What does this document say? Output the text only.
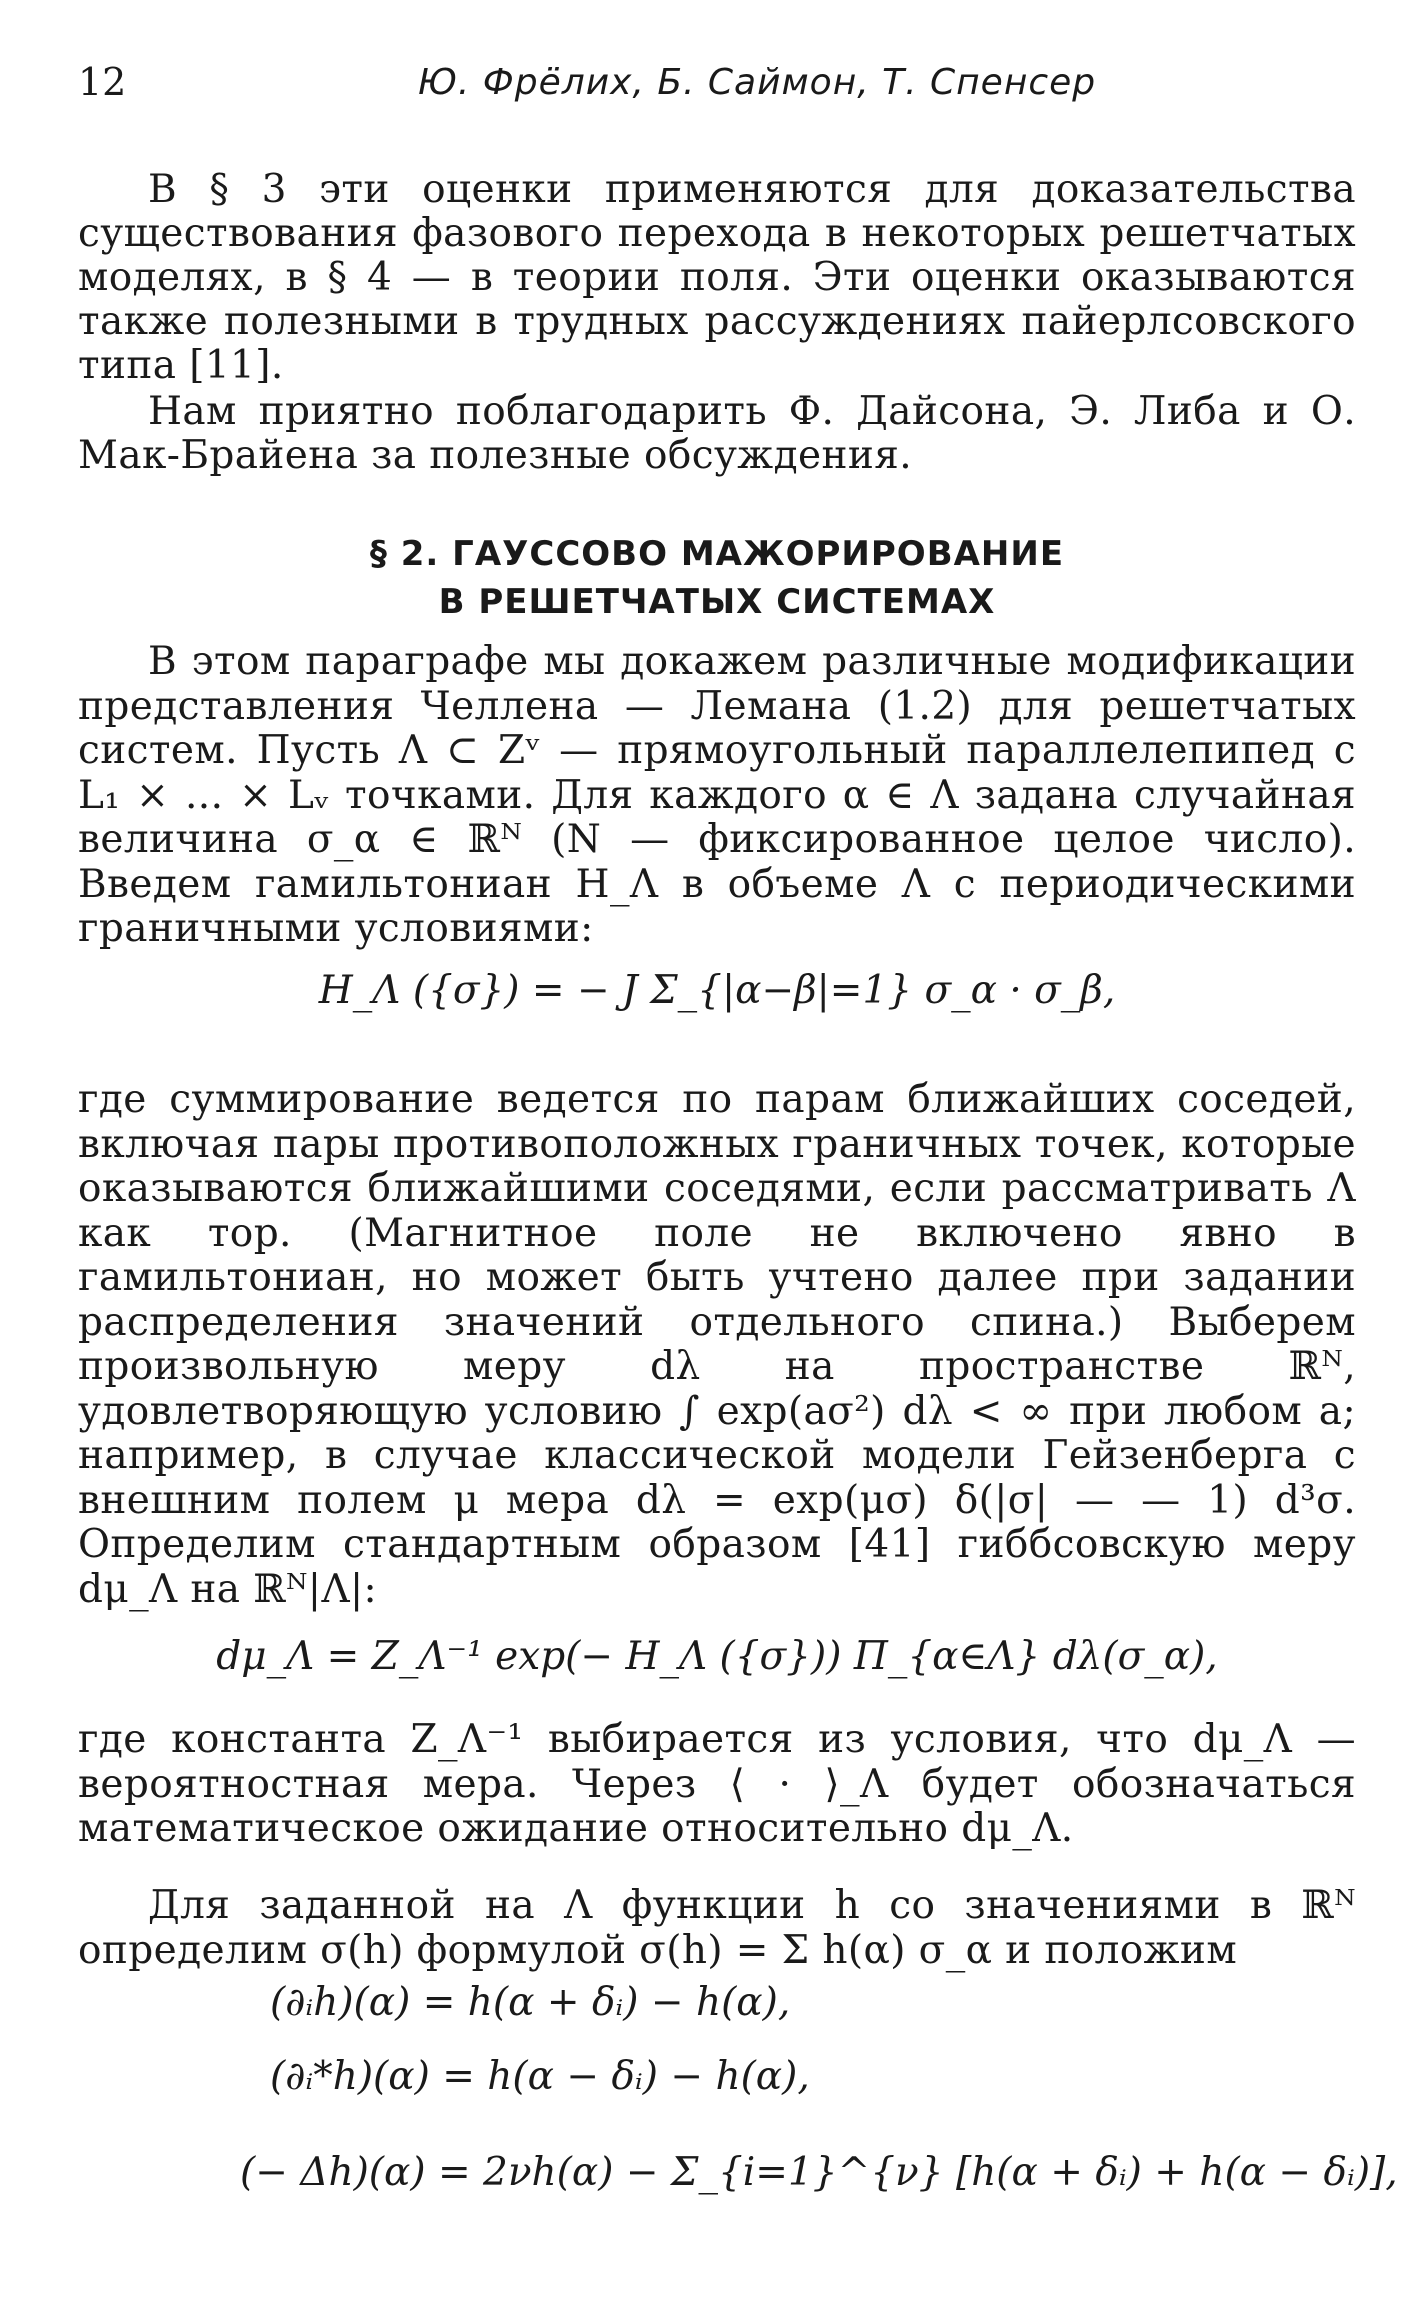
12	Ю. Фрёлих, Б. Саймон, Т. Спенсер
В § 3 эти оценки применяются для доказательства существования фазового перехода в некоторых решетчатых моделях, в § 4 — в теории поля. Эти оценки оказываются также полезными в трудных рассуждениях пайерлсовского типа [11].
Нам приятно поблагодарить Ф. Дайсона, Э. Либа и О. Мак-Брайена за полезные обсуждения.
§ 2. ГАУССОВО МАЖОРИРОВАНИЕ
В РЕШЕТЧАТЫХ СИСТЕМАХ
В этом параграфе мы докажем различные модификации представления Челлена — Лемана (1.2) для решетчатых систем. Пусть Λ ⊂ Zᵛ — прямоугольный параллелепипед с L₁ × ... × Lᵥ точками. Для каждого α ∈ Λ задана случайная величина σ_α ∈ ℝᴺ (N — фиксированное целое число). Введем гамильтониан H_Λ в объеме Λ с периодическими граничными условиями:
H_Λ ({σ}) = − J Σ_{|α−β|=1} σ_α · σ_β,
где суммирование ведется по парам ближайших соседей, включая пары противоположных граничных точек, которые оказываются ближайшими соседями, если рассматривать Λ как тор. (Магнитное поле не включено явно в гамильтониан, но может быть учтено далее при задании распределения значений отдельного спина.) Выберем произвольную меру dλ на пространстве ℝᴺ, удовлетворяющую условию ∫ exp(aσ²) dλ < ∞ при любом a; например, в случае классической модели Гейзенберга с внешним полем μ мера dλ = exp(μσ) δ(|σ| — — 1) d³σ. Определим стандартным образом [41] гиббсовскую меру dμ_Λ на ℝᴺ|Λ|:
dμ_Λ = Z_Λ⁻¹ exp(− H_Λ ({σ})) Π_{α∈Λ} dλ(σ_α),
где константа Z_Λ⁻¹ выбирается из условия, что dμ_Λ — вероятностная мера. Через ⟨ · ⟩_Λ будет обозначаться математическое ожидание относительно dμ_Λ.
Для заданной на Λ функции h со значениями в ℝᴺ определим σ(h) формулой σ(h) = Σ h(α) σ_α и положим
(∂ᵢh)(α) = h(α + δᵢ) − h(α),
(∂ᵢ*h)(α) = h(α − δᵢ) − h(α),
(− Δh)(α) = 2νh(α) − Σ_{i=1}^{ν} [h(α + δᵢ) + h(α − δᵢ)],
